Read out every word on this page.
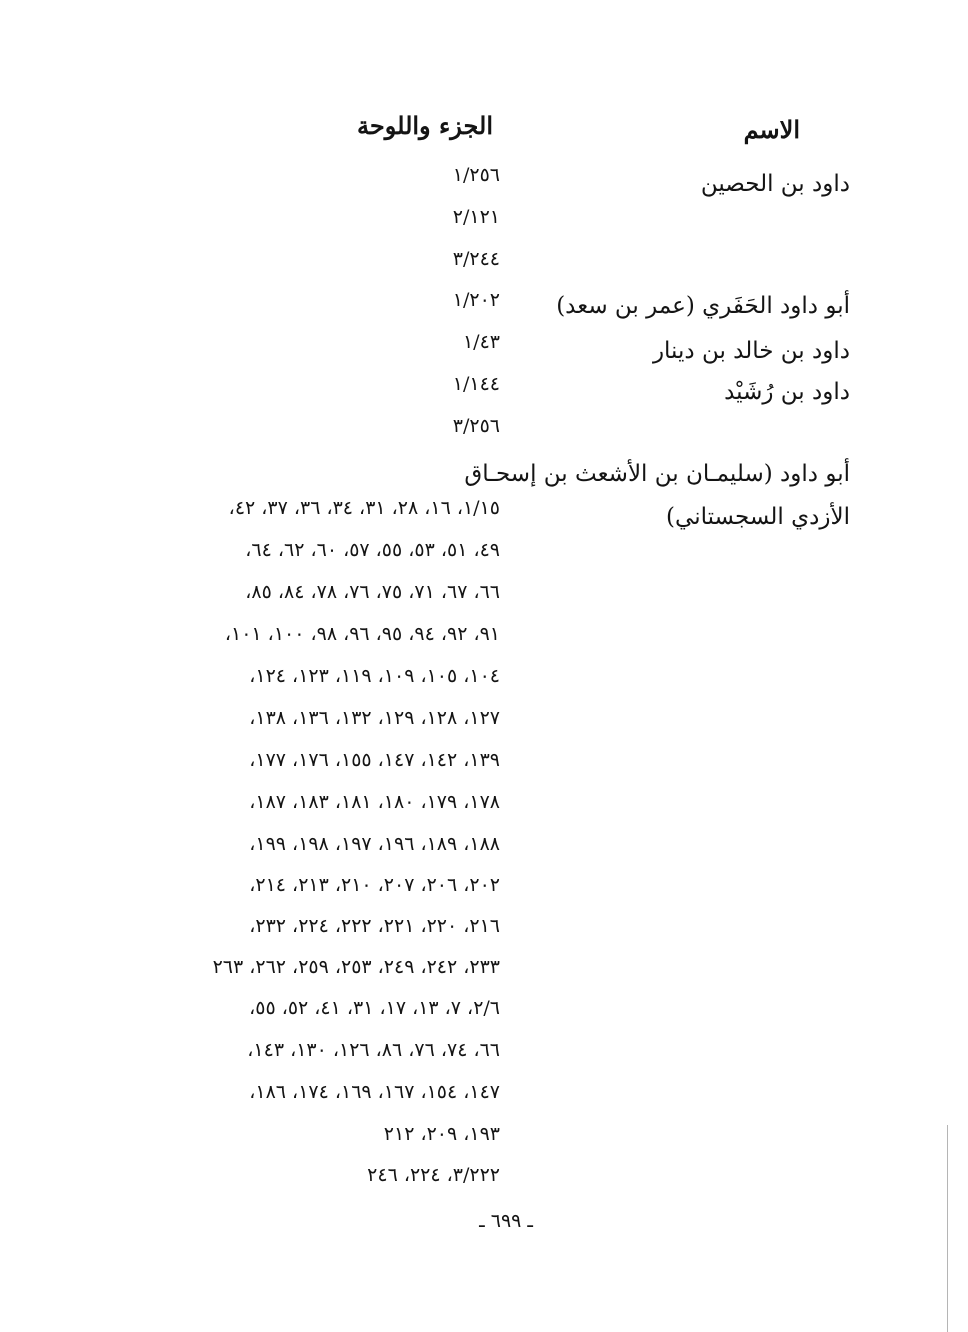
الاسم
الجزء واللوحة
داود بن الحصين
١/٢٥٦
٢/١٢١
٣/٢٤٤
أبو داود الحَفَري (عمر بن سعد)
١/٢٠٢
داود بن خالد بن دينار
١/٤٣
داود بن رُشَيْد
١/١٤٤
٣/٢٥٦
أبو داود (سليمـان بن الأشعث بن إسحـاق
الأزدي السجستاني)
١/١٥، ١٦، ٢٨، ٣١، ٣٤، ٣٦، ٣٧، ٤٢،
٤٩، ٥١، ٥٣، ٥٥، ٥٧، ٦٠، ٦٢، ٦٤،
٦٦، ٦٧، ٧١، ٧٥، ٧٦، ٧٨، ٨٤، ٨٥،
٩١، ٩٢، ٩٤، ٩٥، ٩٦، ٩٨، ١٠٠، ١٠١،
١٠٤، ١٠٥، ١٠٩، ١١٩، ١٢٣، ١٢٤،
١٢٧، ١٢٨، ١٢٩، ١٣٢، ١٣٦، ١٣٨،
١٣٩، ١٤٢، ١٤٧، ١٥٥، ١٧٦، ١٧٧،
١٧٨، ١٧٩، ١٨٠، ١٨١، ١٨٣، ١٨٧،
١٨٨، ١٨٩، ١٩٦، ١٩٧، ١٩٨، ١٩٩،
٢٠٢، ٢٠٦، ٢٠٧، ٢١٠، ٢١٣، ٢١٤،
٢١٦، ٢٢٠، ٢٢١، ٢٢٢، ٢٢٤، ٢٣٢،
٢٣٣، ٢٤٢، ٢٤٩، ٢٥٣، ٢٥٩، ٢٦٢، ٢٦٣
٢/٦، ٧، ١٣، ١٧، ٣١، ٤١، ٥٢، ٥٥،
٦٦، ٧٤، ٧٦، ٨٦، ١٢٦، ١٣٠، ١٤٣،
١٤٧، ١٥٤، ١٦٧، ١٦٩، ١٧٤، ١٨٦،
١٩٣، ٢٠٩، ٢١٢
٣/٢٢٢، ٢٢٤، ٢٤٦
ـ ٦٩٩ ـ
